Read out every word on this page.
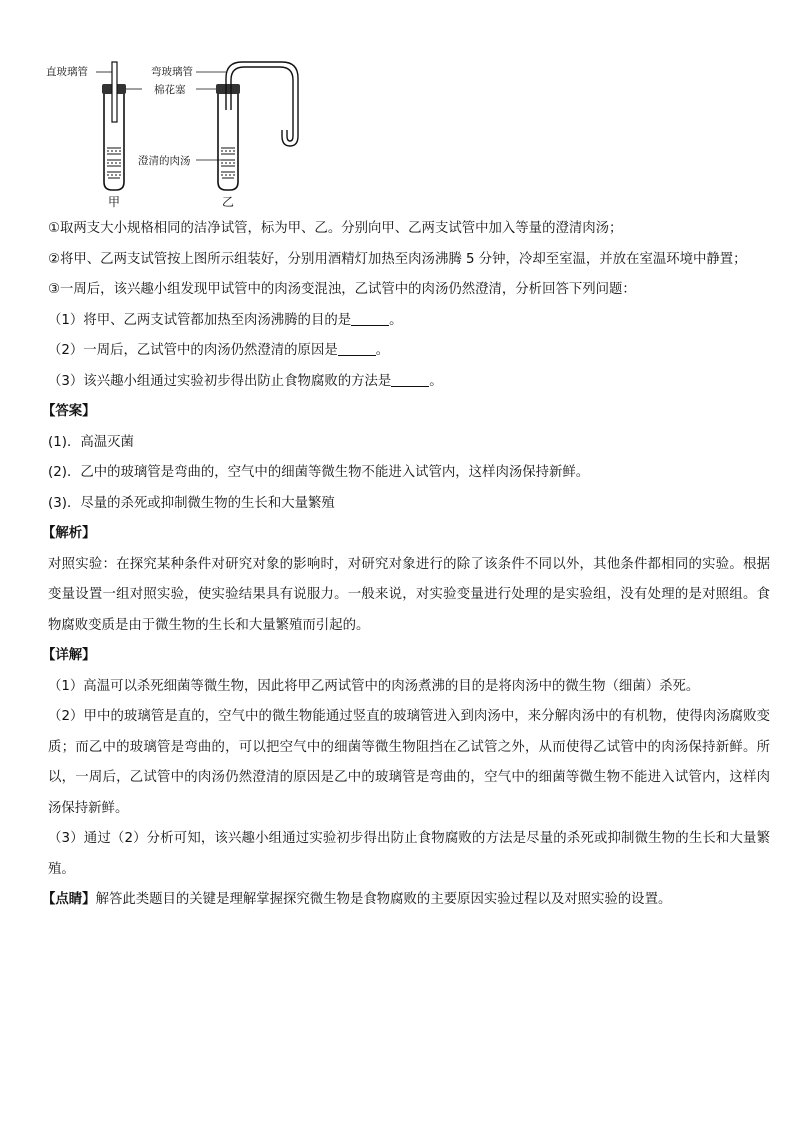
直玻璃管	弯玻璃管
棉花塞
澄清的肉汤
甲	乙

①取两支大小规格相同的洁净试管，标为甲、乙。分别向甲、乙两支试管中加入等量的澄清肉汤；

②将甲、乙两支试管按上图所示组装好，分别用酒精灯加热至肉汤沸腾 5 分钟，冷却至室温，并放在室温环境中静置；

③一周后，该兴趣小组发现甲试管中的肉汤变混浊，乙试管中的肉汤仍然澄清，分析回答下列问题：

（1）将甲、乙两支试管都加热至肉汤沸腾的目的是	。

（2）一周后，乙试管中的肉汤仍然澄清的原因是	。

（3）该兴趣小组通过实验初步得出防止食物腐败的方法是	。

【答案】

(1)．高温灭菌

(2)．乙中的玻璃管是弯曲的，空气中的细菌等微生物不能进入试管内，这样肉汤保持新鲜。

(3)．尽量的杀死或抑制微生物的生长和大量繁殖

【解析】

对照实验：在探究某种条件对研究对象的影响时，对研究对象进行的除了该条件不同以外，其他条件都相同的实验。根据变量设置一组对照实验，使实验结果具有说服力。一般来说，对实验变量进行处理的是实验组，没有处理的是对照组。食物腐败变质是由于微生物的生长和大量繁殖而引起的。

【详解】

（1）高温可以杀死细菌等微生物，因此将甲乙两试管中的肉汤煮沸的目的是将肉汤中的微生物（细菌）杀死。

（2）甲中的玻璃管是直的，空气中的微生物能通过竖直的玻璃管进入到肉汤中，来分解肉汤中的有机物，使得肉汤腐败变质；而乙中的玻璃管是弯曲的，可以把空气中的细菌等微生物阻挡在乙试管之外，从而使得乙试管中的肉汤保持新鲜。所以，一周后，乙试管中的肉汤仍然澄清的原因是乙中的玻璃管是弯曲的，空气中的细菌等微生物不能进入试管内，这样肉汤保持新鲜。

（3）通过（2）分析可知，该兴趣小组通过实验初步得出防止食物腐败的方法是尽量的杀死或抑制微生物的生长和大量繁殖。

【点睛】解答此类题目的关键是理解掌握探究微生物是食物腐败的主要原因实验过程以及对照实验的设置。
